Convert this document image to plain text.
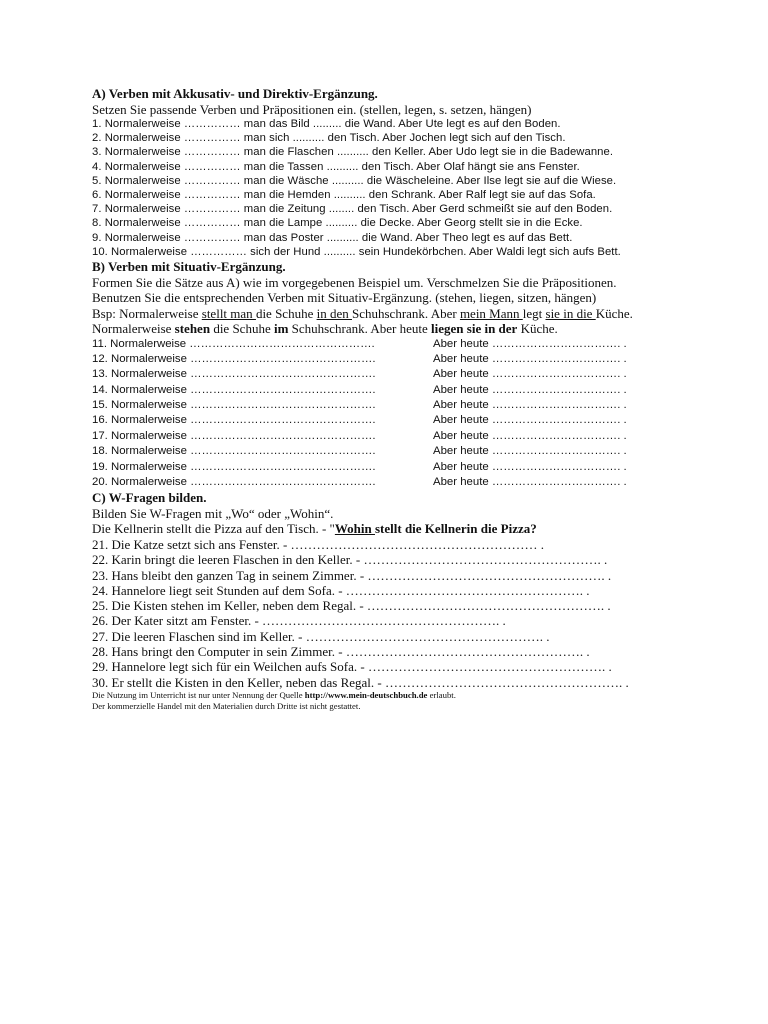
A) Verben mit Akkusativ- und Direktiv-Ergänzung.
Setzen Sie passende Verben und Präpositionen ein. (stellen, legen, s. setzen, hängen)
1. Normalerweise …………… man das Bild ......... die Wand. Aber Ute legt es auf den Boden.
2. Normalerweise …………… man sich .......... den Tisch. Aber Jochen legt sich auf den Tisch.
3. Normalerweise …………… man die Flaschen .......... den Keller. Aber Udo legt sie in die Badewanne.
4. Normalerweise …………… man die Tassen .......... den Tisch. Aber Olaf hängt sie ans Fenster.
5. Normalerweise …………… man die Wäsche .......... die Wäscheleine. Aber Ilse legt sie auf die Wiese.
6. Normalerweise …………… man die Hemden .......... den Schrank. Aber Ralf legt sie auf das Sofa.
7. Normalerweise …………… man die Zeitung ........ den Tisch. Aber Gerd schmeißt sie auf den Boden.
8. Normalerweise …………… man die Lampe .......... die Decke. Aber Georg stellt sie in die Ecke.
9. Normalerweise …………… man das Poster .......... die Wand. Aber Theo legt es auf das Bett.
10. Normalerweise …………… sich der Hund .......... sein Hundekörbchen. Aber Waldi legt sich aufs Bett.
B) Verben mit Situativ-Ergänzung.
Formen Sie die Sätze aus A) wie im vorgegebenen Beispiel um. Verschmelzen Sie die Präpositionen.
Benutzen Sie die entsprechenden Verben mit Situativ-Ergänzung. (stehen, liegen, sitzen, hängen)
Bsp: Normalerweise stellt man die Schuhe in den Schuhschrank. Aber mein Mann legt sie in die Küche.
Normalerweise stehen die Schuhe im Schuhschrank. Aber heute liegen sie in der Küche.
11. Normalerweise ………………………………………….	Aber heute ……………………………. .
12. Normalerweise ………………………………………….	Aber heute ……………………………. .
13. Normalerweise ………………………………………….	Aber heute ……………………………. .
14. Normalerweise ………………………………………….	Aber heute ……………………………. .
15. Normalerweise ………………………………………….	Aber heute ……………………………. .
16. Normalerweise ………………………………………….	Aber heute ……………………………. .
17. Normalerweise ………………………………………….	Aber heute ……………………………. .
18. Normalerweise ………………………………………….	Aber heute ……………………………. .
19. Normalerweise ………………………………………….	Aber heute ……………………………. .
20. Normalerweise ………………………………………….	Aber heute ……………………………. .
C) W-Fragen bilden.
Bilden Sie W-Fragen mit „Wo“ oder „Wohin“.
Die Kellnerin stellt die Pizza auf den Tisch. - "Wohin stellt die Kellnerin die Pizza?
21. Die Katze setzt sich ans Fenster. - ………………………………………………… .
22. Karin bringt die leeren Flaschen in den Keller. - ………………………………………………. .
23. Hans bleibt den ganzen Tag in seinem Zimmer. - ………………………………………………. .
24. Hannelore liegt seit Stunden auf dem Sofa. - ………………………………………………. .
25. Die Kisten stehen im Keller, neben dem Regal. - ………………………………………………. .
26. Der Kater sitzt am Fenster. - ………………………………………………. .
27. Die leeren Flaschen sind im Keller. - ………………………………………………. .
28. Hans bringt den Computer in sein Zimmer. - ………………………………………………. .
29. Hannelore legt sich für ein Weilchen aufs Sofa. - ………………………………………………. .
30. Er stellt die Kisten in den Keller, neben das Regal. - ………………………………………………. .
Die Nutzung im Unterricht ist nur unter Nennung der Quelle http://www.mein-deutschbuch.de erlaubt.
Der kommerzielle Handel mit den Materialien durch Dritte ist nicht gestattet.
